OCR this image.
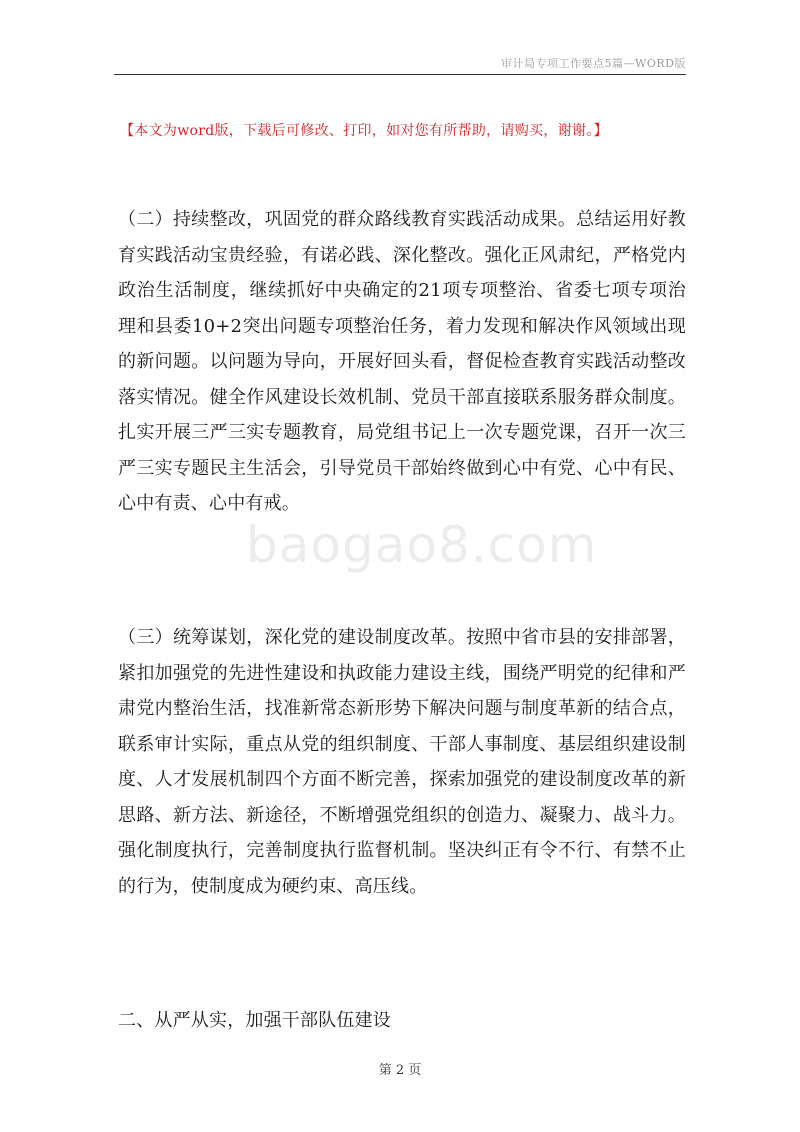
审计局专项工作要点5篇—WORD版
【本文为word版，下载后可修改、打印，如对您有所帮助，请购买，谢谢。】
（二）持续整改，巩固党的群众路线教育实践活动成果。总结运用好教育实践活动宝贵经验，有诺必践、深化整改。强化正风肃纪，严格党内政治生活制度，继续抓好中央确定的21项专项整治、省委七项专项治理和县委10+2突出问题专项整治任务，着力发现和解决作风领域出现的新问题。以问题为导向，开展好回头看，督促检查教育实践活动整改落实情况。健全作风建设长效机制、党员干部直接联系服务群众制度。扎实开展三严三实专题教育，局党组书记上一次专题党课，召开一次三严三实专题民主生活会，引导党员干部始终做到心中有党、心中有民、心中有责、心中有戒。
baogao8.com
（三）统筹谋划，深化党的建设制度改革。按照中省市县的安排部署，紧扣加强党的先进性建设和执政能力建设主线，围绕严明党的纪律和严肃党内整治生活，找准新常态新形势下解决问题与制度革新的结合点，联系审计实际，重点从党的组织制度、干部人事制度、基层组织建设制度、人才发展机制四个方面不断完善，探索加强党的建设制度改革的新思路、新方法、新途径，不断增强党组织的创造力、凝聚力、战斗力。强化制度执行，完善制度执行监督机制。坚决纠正有令不行、有禁不止的行为，使制度成为硬约束、高压线。
二、从严从实，加强干部队伍建设
第 2 页
